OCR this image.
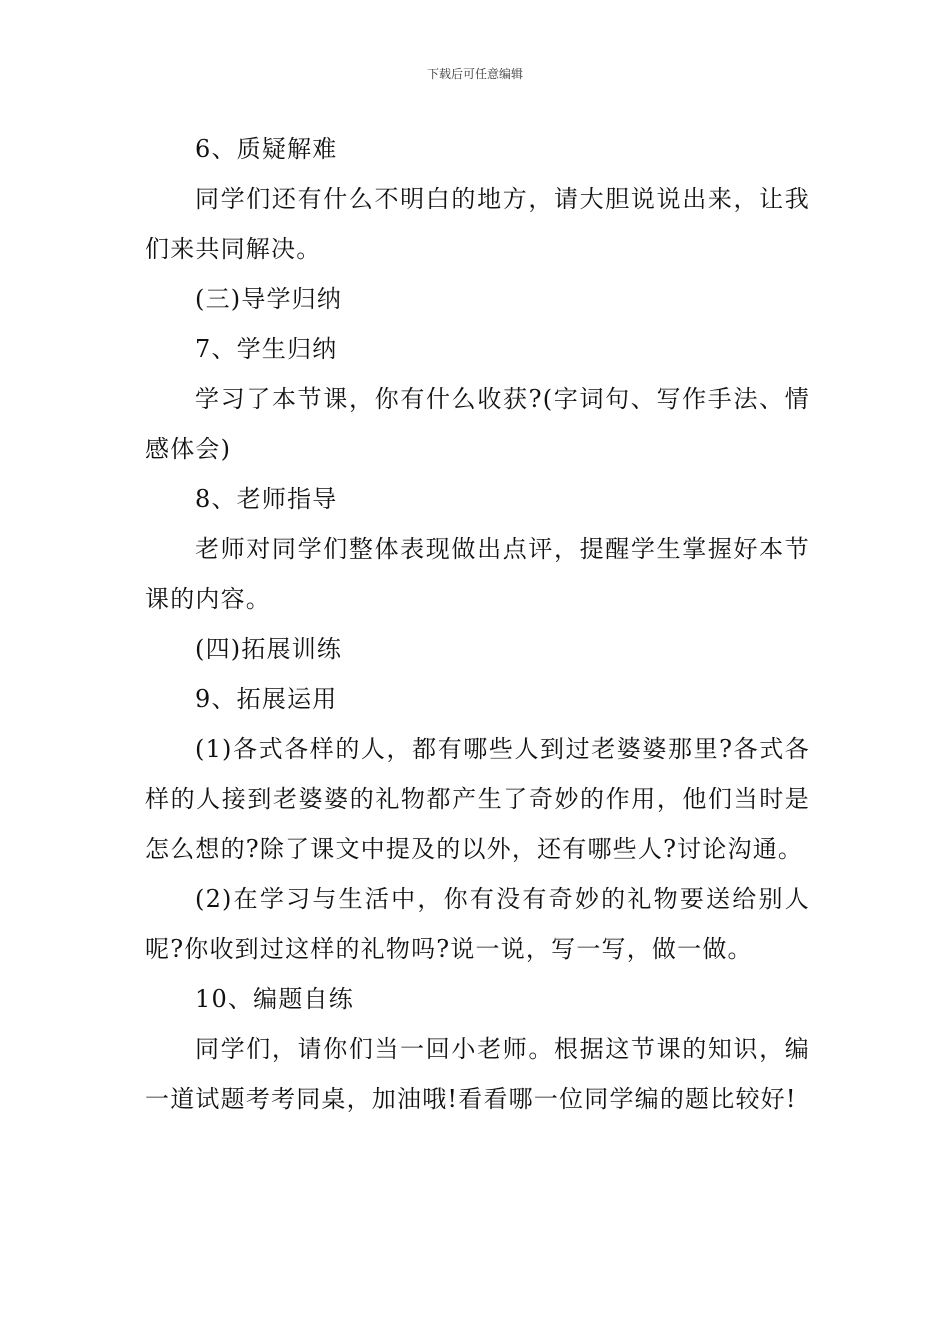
下载后可任意编辑

6、质疑解难

同学们还有什么不明白的地方，请大胆说说出来，让我们来共同解决。

(三)导学归纳

7、学生归纳

学习了本节课，你有什么收获?(字词句、写作手法、情感体会)

8、老师指导

老师对同学们整体表现做出点评，提醒学生掌握好本节课的内容。

(四)拓展训练

9、拓展运用

(1)各式各样的人，都有哪些人到过老婆婆那里?各式各样的人接到老婆婆的礼物都产生了奇妙的作用，他们当时是怎么想的?除了课文中提及的以外，还有哪些人?讨论沟通。

(2)在学习与生活中，你有没有奇妙的礼物要送给别人呢?你收到过这样的礼物吗?说一说，写一写，做一做。

10、编题自练

同学们，请你们当一回小老师。根据这节课的知识，编一道试题考考同桌，加油哦!看看哪一位同学编的题比较好!
